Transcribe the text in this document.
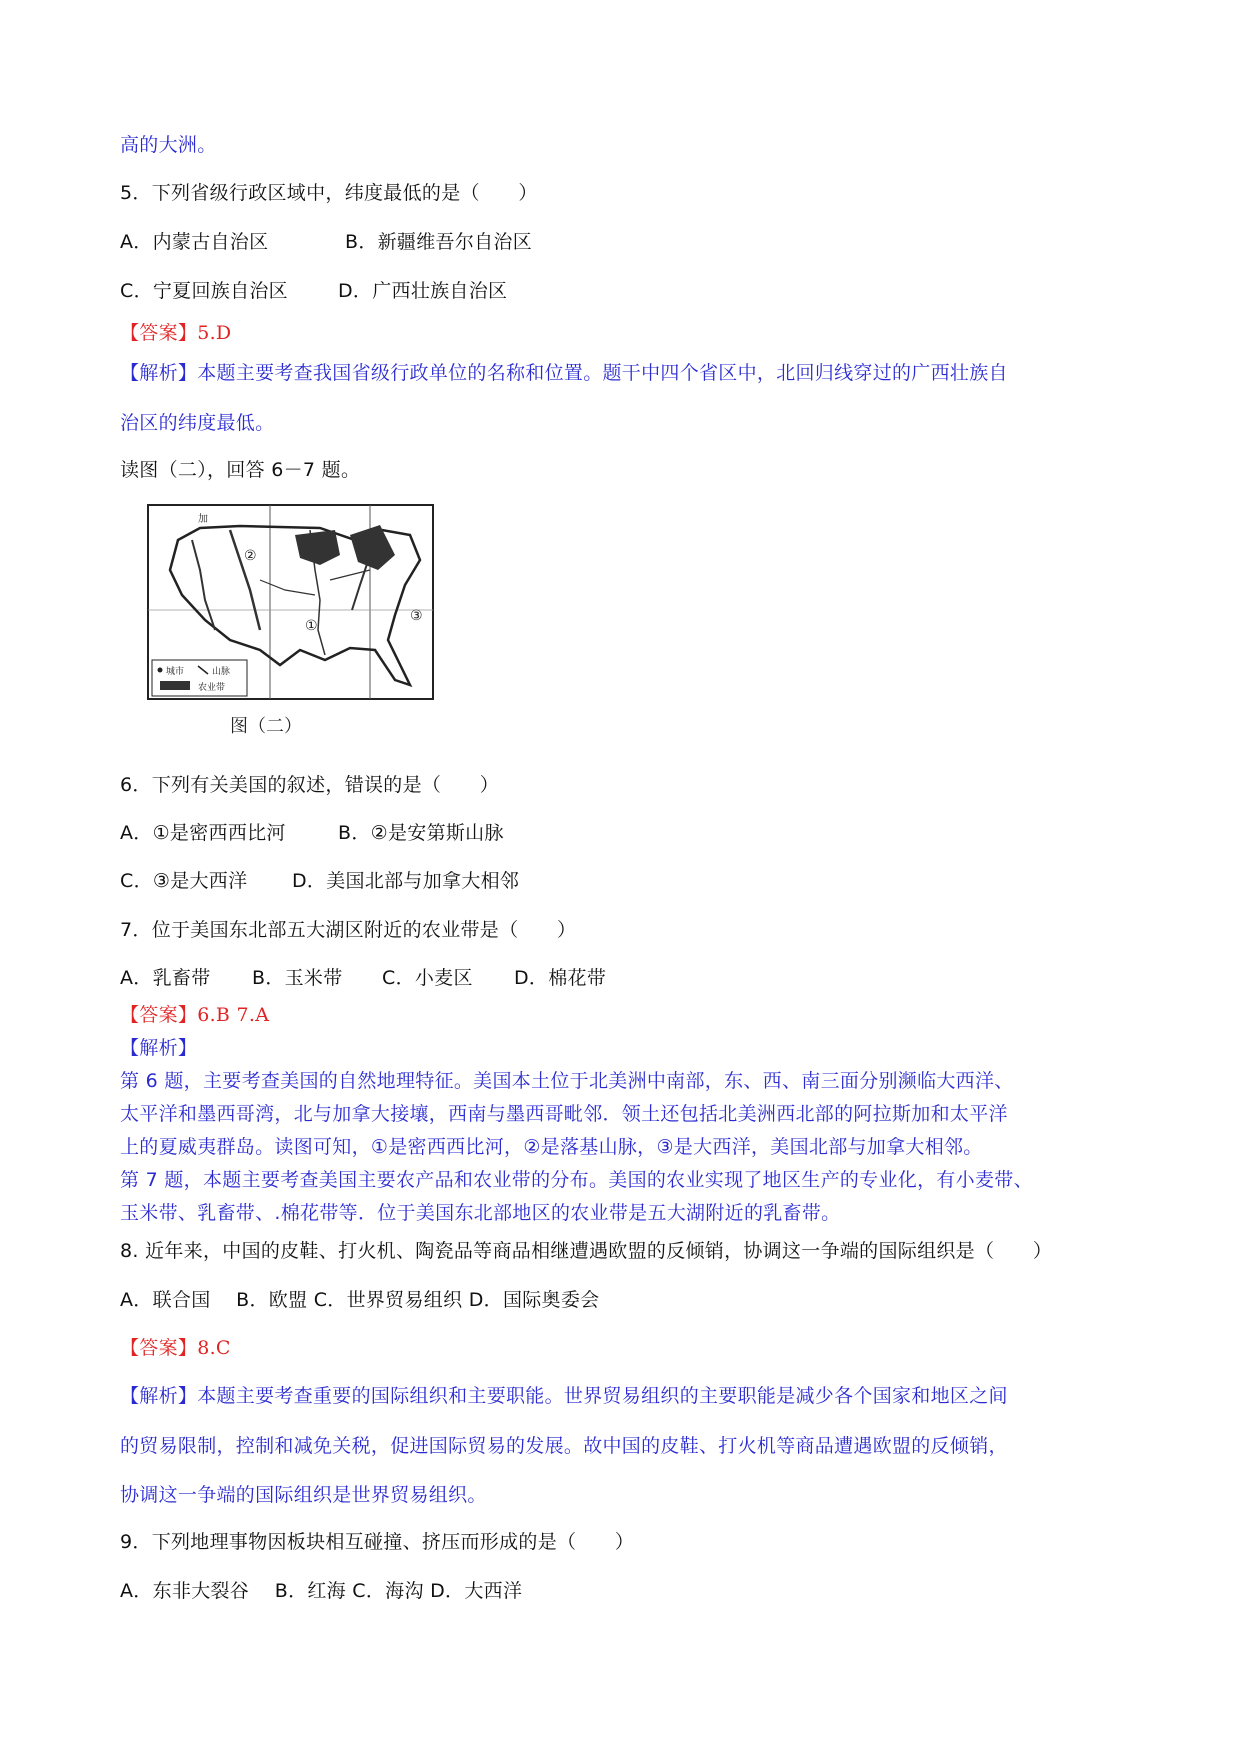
高的大洲。
5．下列省级行政区域中，纬度最低的是（　　）
A．内蒙古自治区	B．新疆维吾尔自治区
C．宁夏回族自治区	D．广西壮族自治区
【答案】5.D
【解析】本题主要考查我国省级行政单位的名称和位置。题干中四个省区中，北回归线穿过的广西壮族自
治区的纬度最低。
读图（二），回答 6－7 题。
②
①
③
加
城市	山脉
农业带
图（二）
6．下列有关美国的叙述，错误的是（　　）
A．①是密西西比河	B．②是安第斯山脉
C．③是大西洋 D．美国北部与加拿大相邻
7．位于美国东北部五大湖区附近的农业带是（　　）
A．乳畜带 B．玉米带 C．小麦区 D．棉花带
【答案】6.B 7.A
【解析】
第 6 题，主要考查美国的自然地理特征。美国本土位于北美洲中南部，东、西、南三面分别濒临大西洋、
太平洋和墨西哥湾，北与加拿大接壤，西南与墨西哥毗邻．领土还包括北美洲西北部的阿拉斯加和太平洋
上的夏威夷群岛。读图可知，①是密西西比河，②是落基山脉，③是大西洋，美国北部与加拿大相邻。
第 7 题，本题主要考查美国主要农产品和农业带的分布。美国的农业实现了地区生产的专业化，有小麦带、
玉米带、乳畜带、.棉花带等．位于美国东北部地区的农业带是五大湖附近的乳畜带。
8. 近年来，中国的皮鞋、打火机、陶瓷品等商品相继遭遇欧盟的反倾销，协调这一争端的国际组织是（　　）
A．联合国　 B．欧盟 C．世界贸易组织 D．国际奥委会
【答案】8.C
【解析】本题主要考查重要的国际组织和主要职能。世界贸易组织的主要职能是减少各个国家和地区之间
的贸易限制，控制和减免关税，促进国际贸易的发展。故中国的皮鞋、打火机等商品遭遇欧盟的反倾销，
协调这一争端的国际组织是世界贸易组织。
9．下列地理事物因板块相互碰撞、挤压而形成的是（　　）
A．东非大裂谷　 B．红海 C．海沟 D．大西洋
